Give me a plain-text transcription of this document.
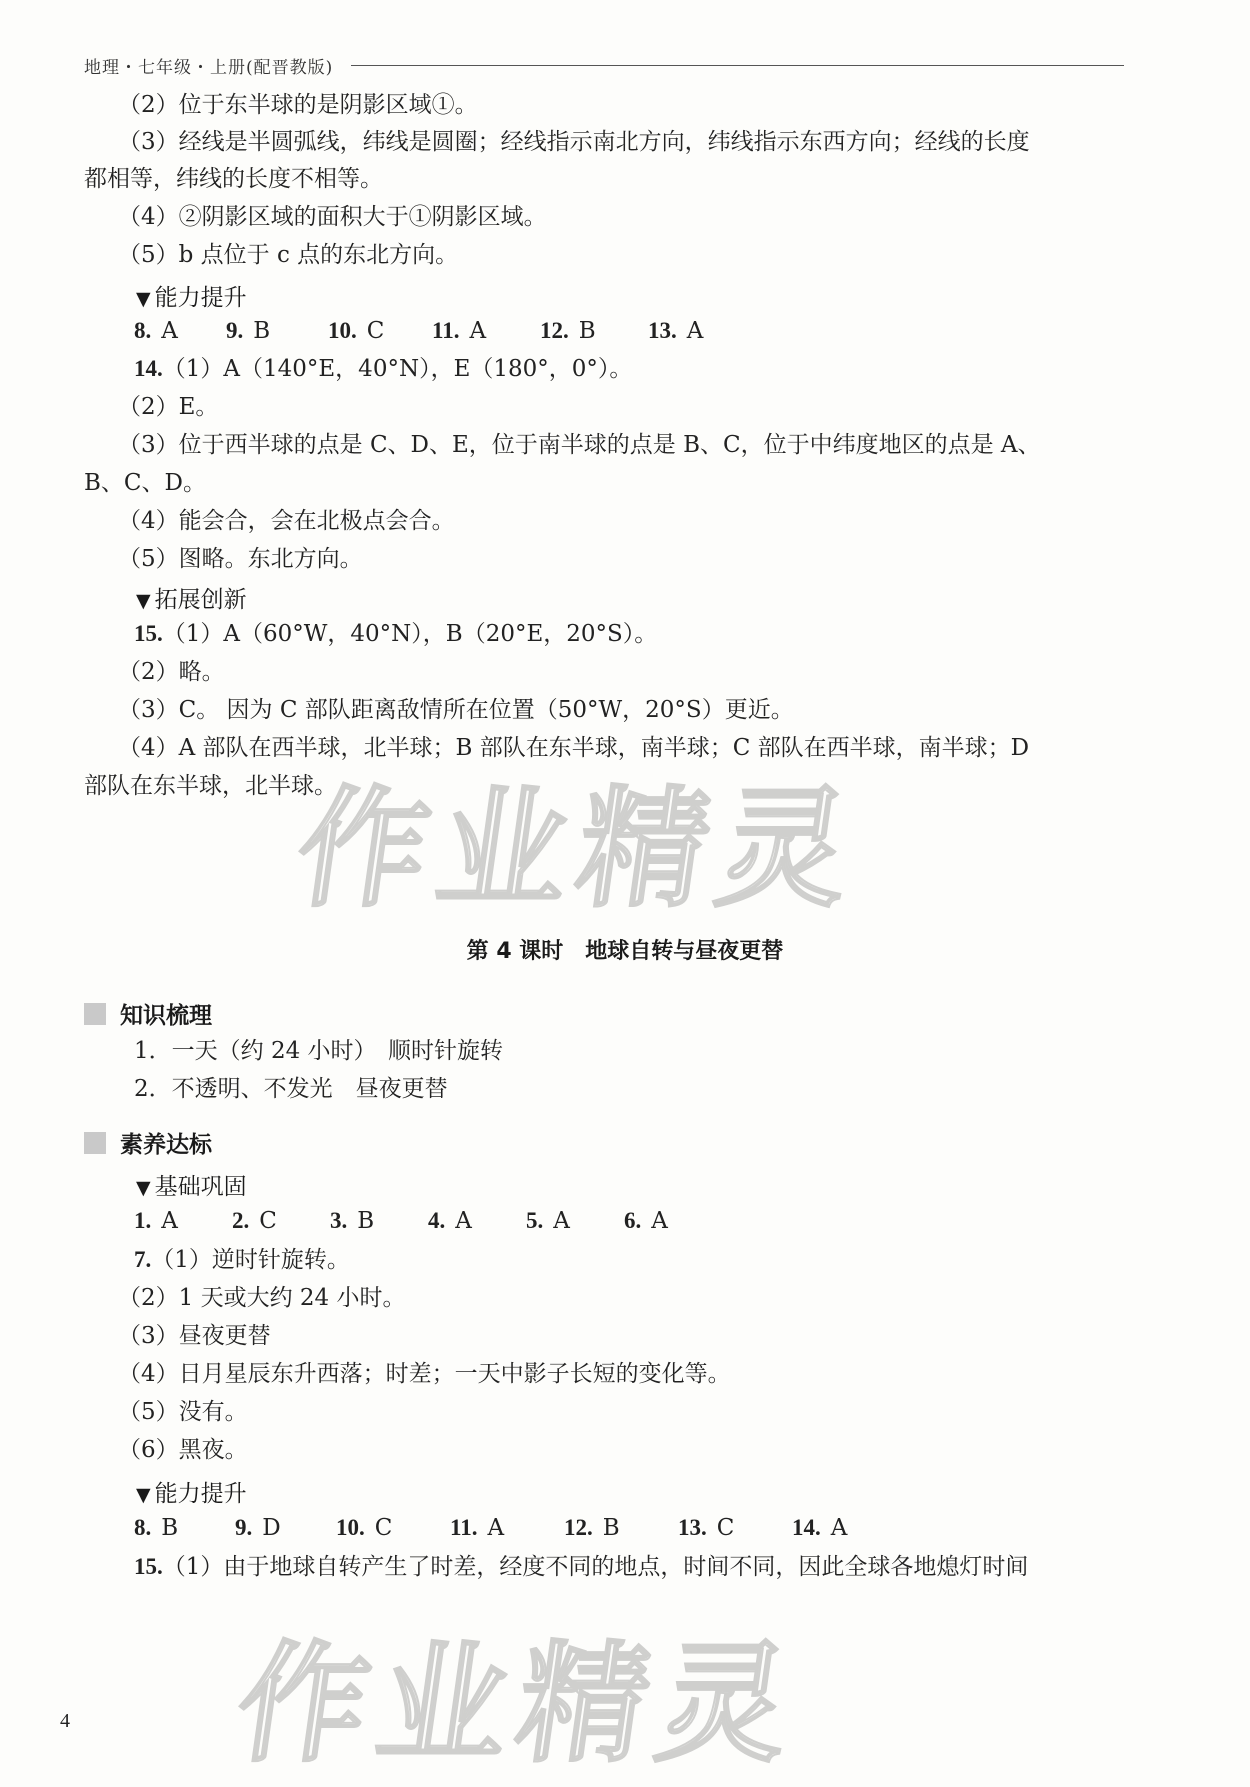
地理・七年级・上册(配晋教版)
（2）位于东半球的是阴影区域①。
（3）经线是半圆弧线，纬线是圆圈；经线指示南北方向，纬线指示东西方向；经线的长度
都相等，纬线的长度不相等。
（4）②阴影区域的面积大于①阴影区域。
（5）b 点位于 c 点的东北方向。
▼ 能力提升
8. A	9. B	10. C	11. A	12. B	13. A
14.（1）A（140°E，40°N），E（180°，0°）。
（2）E。
（3）位于西半球的点是 C、D、E，位于南半球的点是 B、C，位于中纬度地区的点是 A、
B、C、D。
（4）能会合，会在北极点会合。
（5）图略。东北方向。
▼ 拓展创新
15.（1）A（60°W，40°N），B（20°E，20°S）。
（2）略。
（3）C。 因为 C 部队距离敌情所在位置（50°W，20°S）更近。
（4）A 部队在西半球，北半球；B 部队在东半球，南半球；C 部队在西半球，南半球；D
部队在东半球，北半球。
第 4 课时　地球自转与昼夜更替
知识梳理
1．一天（约 24 小时）　顺时针旋转
2．不透明、不发光　昼夜更替
素养达标
▼ 基础巩固
1. A	2. C	3. B	4. A	5. A	6. A
7.（1）逆时针旋转。
（2）1 天或大约 24 小时。
（3）昼夜更替
（4）日月星辰东升西落；时差；一天中影子长短的变化等。
（5）没有。
（6）黑夜。
▼ 能力提升
8. B	9. D	10. C	11. A	12. B	13. C	14. A
15.（1）由于地球自转产生了时差，经度不同的地点，时间不同，因此全球各地熄灯时间
作业精灵
作业精灵
4
